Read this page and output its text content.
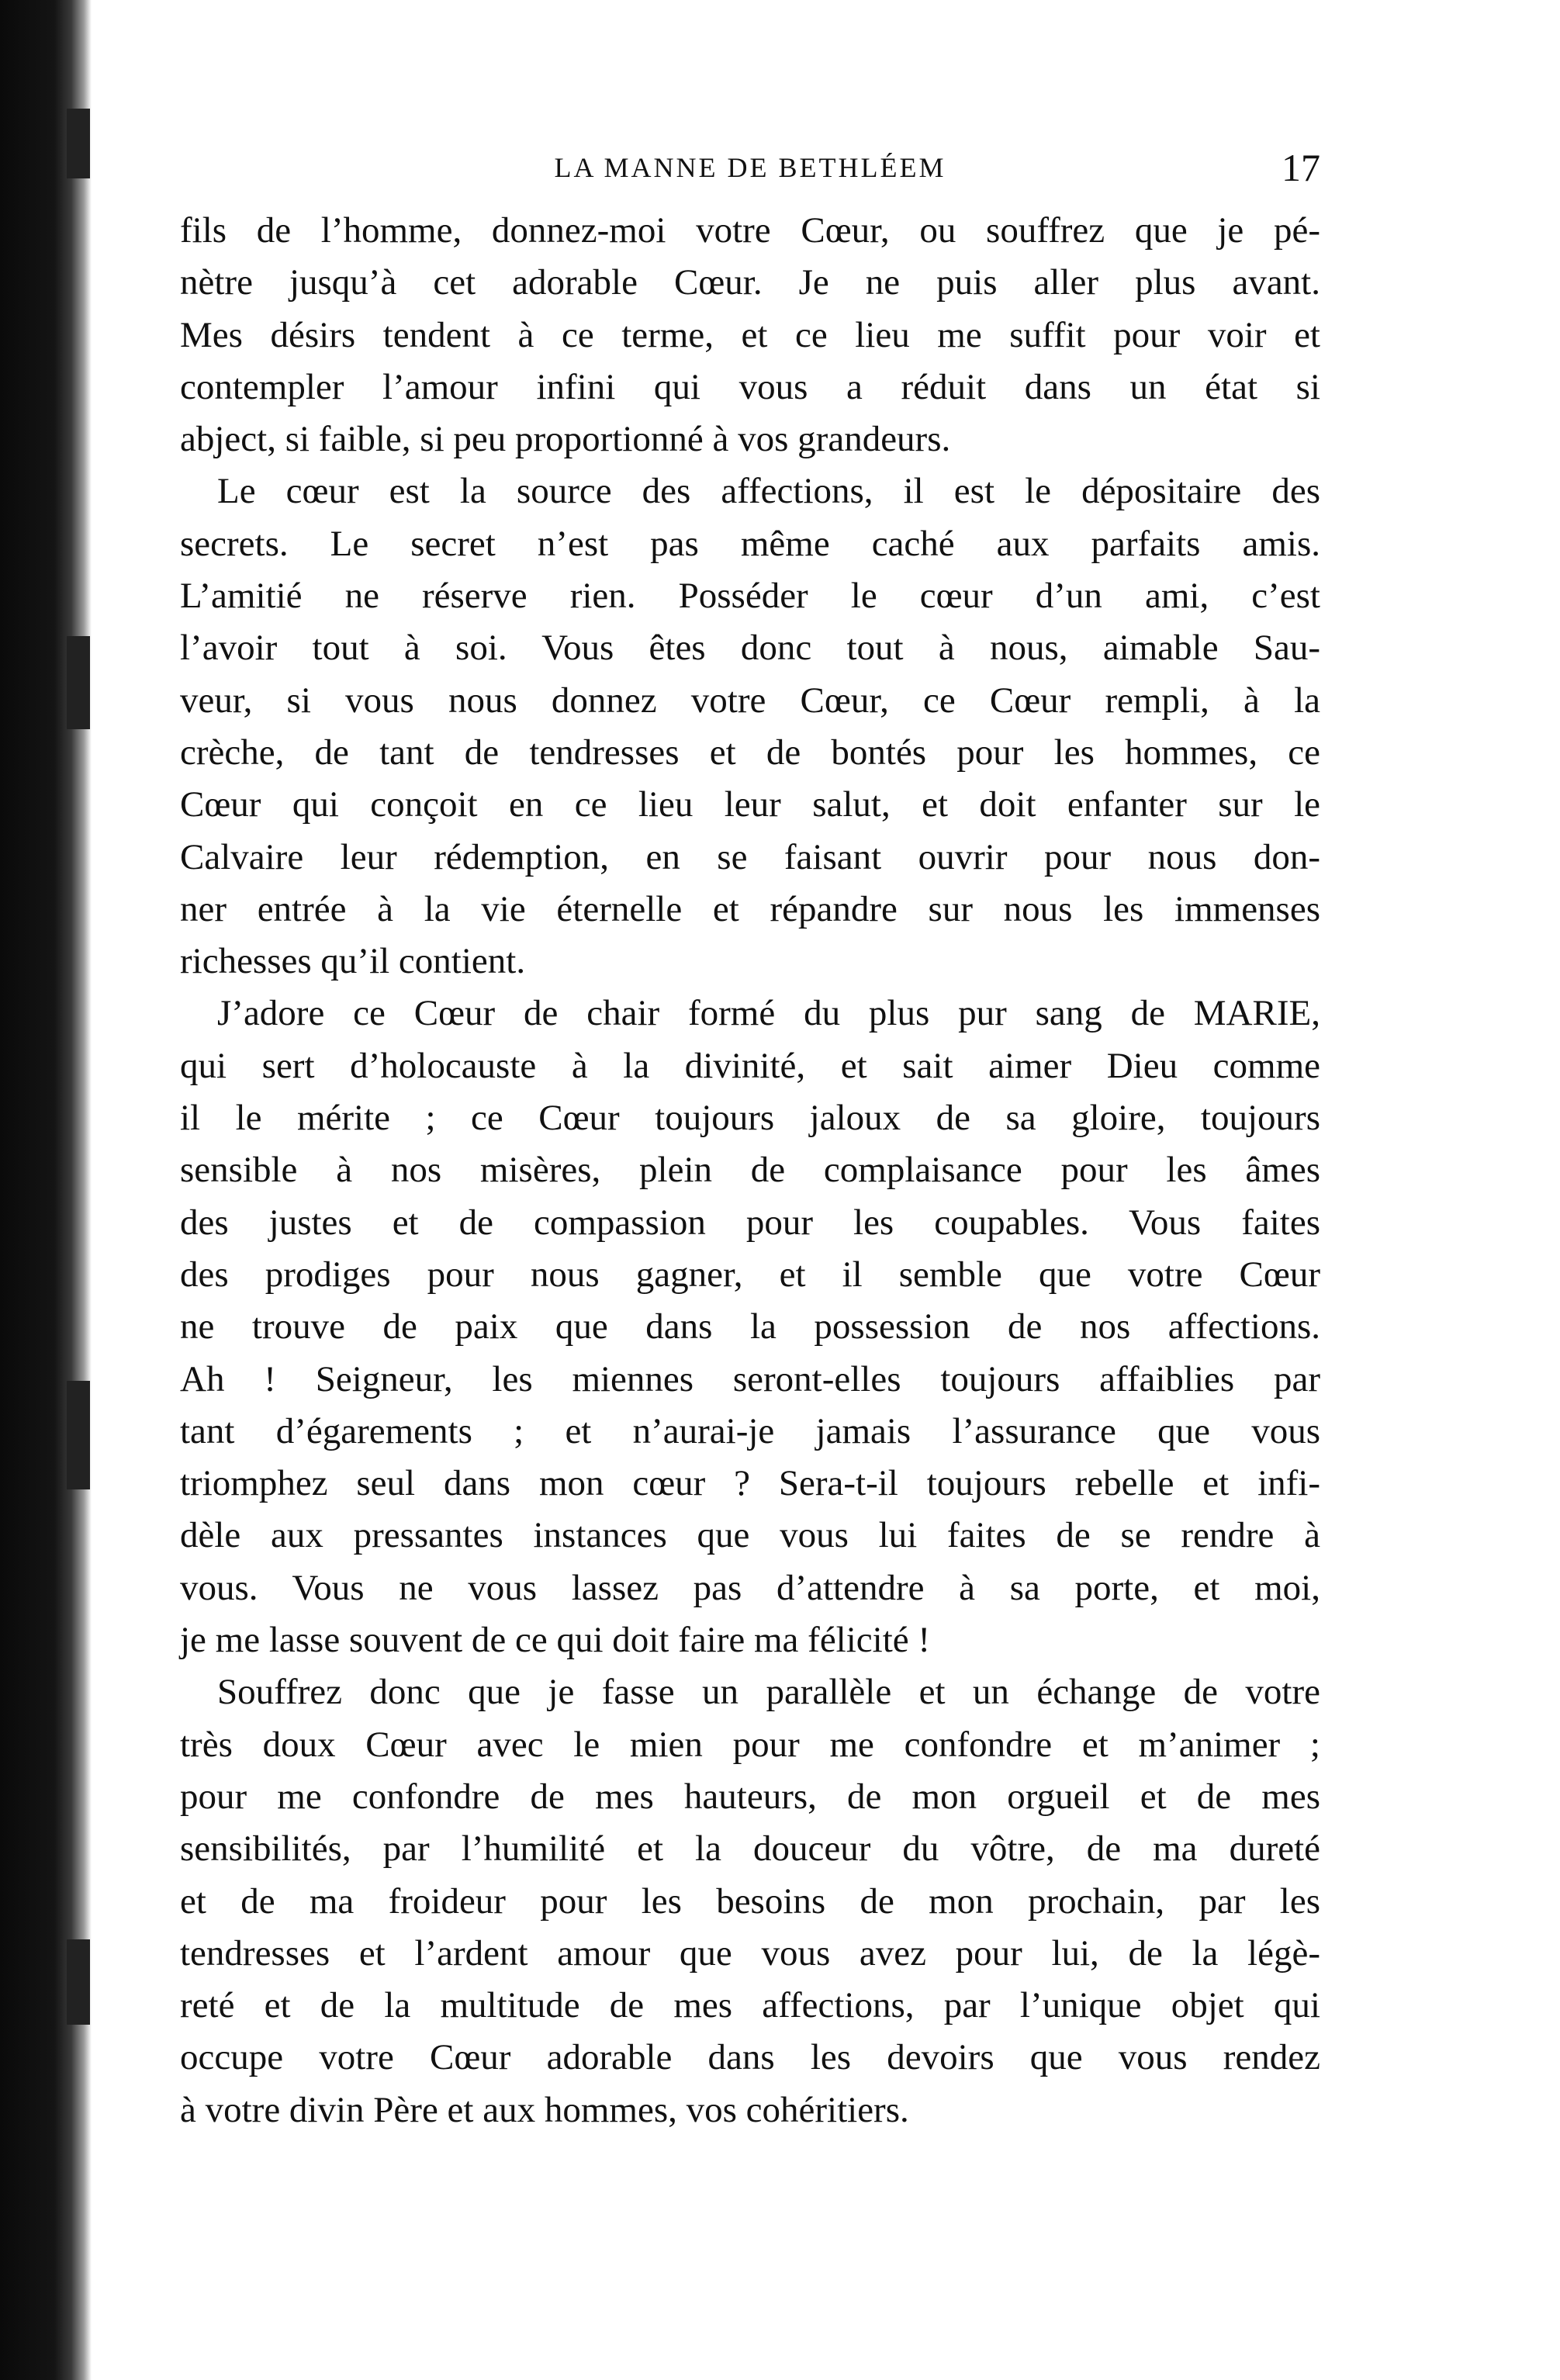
LA MANNE DE BETHLÉEM	17
fils de l’homme, donnez-moi votre Cœur, ou souffrez que je pé-
nètre jusqu’à cet adorable Cœur. Je ne puis aller plus avant.
Mes désirs tendent à ce terme, et ce lieu me suffit pour voir et
contempler l’amour infini qui vous a réduit dans un état si
abject, si faible, si peu proportionné à vos grandeurs.
Le cœur est la source des affections, il est le dépositaire des
secrets. Le secret n’est pas même caché aux parfaits amis.
L’amitié ne réserve rien. Posséder le cœur d’un ami, c’est
l’avoir tout à soi. Vous êtes donc tout à nous, aimable Sau-
veur, si vous nous donnez votre Cœur, ce Cœur rempli, à la
crèche, de tant de tendresses et de bontés pour les hommes, ce
Cœur qui conçoit en ce lieu leur salut, et doit enfanter sur le
Calvaire leur rédemption, en se faisant ouvrir pour nous don-
ner entrée à la vie éternelle et répandre sur nous les immenses
richesses qu’il contient.
J’adore ce Cœur de chair formé du plus pur sang de MARIE,
qui sert d’holocauste à la divinité, et sait aimer Dieu comme
il le mérite ; ce Cœur toujours jaloux de sa gloire, toujours
sensible à nos misères, plein de complaisance pour les âmes
des justes et de compassion pour les coupables. Vous faites
des prodiges pour nous gagner, et il semble que votre Cœur
ne trouve de paix que dans la possession de nos affections.
Ah ! Seigneur, les miennes seront-elles toujours affaiblies par
tant d’égarements ; et n’aurai-je jamais l’assurance que vous
triomphez seul dans mon cœur ? Sera-t-il toujours rebelle et infi-
dèle aux pressantes instances que vous lui faites de se rendre à
vous. Vous ne vous lassez pas d’attendre à sa porte, et moi,
je me lasse souvent de ce qui doit faire ma félicité !
Souffrez donc que je fasse un parallèle et un échange de votre
très doux Cœur avec le mien pour me confondre et m’animer ;
pour me confondre de mes hauteurs, de mon orgueil et de mes
sensibilités, par l’humilité et la douceur du vôtre, de ma dureté
et de ma froideur pour les besoins de mon prochain, par les
tendresses et l’ardent amour que vous avez pour lui, de la légè-
reté et de la multitude de mes affections, par l’unique objet qui
occupe votre Cœur adorable dans les devoirs que vous rendez
à votre divin Père et aux hommes, vos cohéritiers.
